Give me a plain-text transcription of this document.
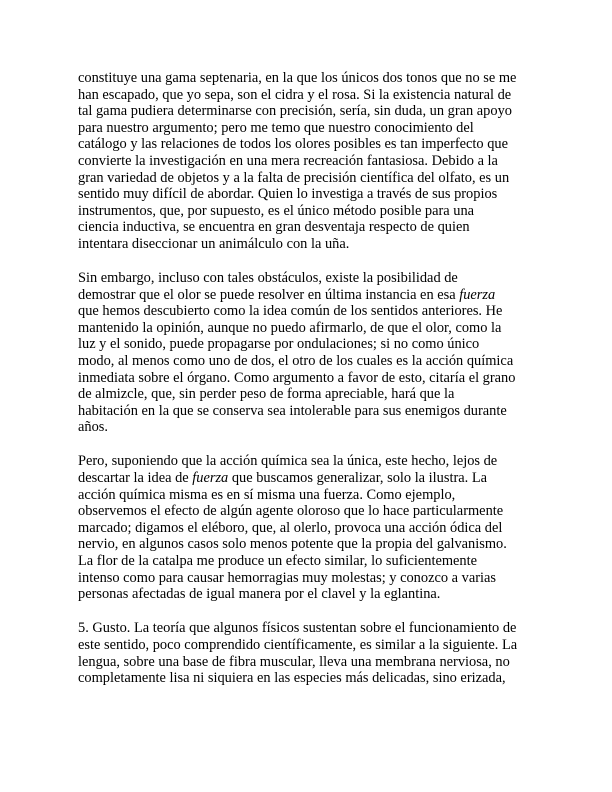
constituye una gama septenaria, en la que los únicos dos tonos que no se me
han escapado, que yo sepa, son el cidra y el rosa. Si la existencia natural de
tal gama pudiera determinarse con precisión, sería, sin duda, un gran apoyo
para nuestro argumento; pero me temo que nuestro conocimiento del
catálogo y las relaciones de todos los olores posibles es tan imperfecto que
convierte la investigación en una mera recreación fantasiosa. Debido a la
gran variedad de objetos y a la falta de precisión científica del olfato, es un
sentido muy difícil de abordar. Quien lo investiga a través de sus propios
instrumentos, que, por supuesto, es el único método posible para una
ciencia inductiva, se encuentra en gran desventaja respecto de quien
intentara diseccionar un animálculo con la uña.

Sin embargo, incluso con tales obstáculos, existe la posibilidad de
demostrar que el olor se puede resolver en última instancia en esa fuerza
que hemos descubierto como la idea común de los sentidos anteriores. He
mantenido la opinión, aunque no puedo afirmarlo, de que el olor, como la
luz y el sonido, puede propagarse por ondulaciones; si no como único
modo, al menos como uno de dos, el otro de los cuales es la acción química
inmediata sobre el órgano. Como argumento a favor de esto, citaría el grano
de almizcle, que, sin perder peso de forma apreciable, hará que la
habitación en la que se conserva sea intolerable para sus enemigos durante
años.

Pero, suponiendo que la acción química sea la única, este hecho, lejos de
descartar la idea de fuerza que buscamos generalizar, solo la ilustra. La
acción química misma es en sí misma una fuerza. Como ejemplo,
observemos el efecto de algún agente oloroso que lo hace particularmente
marcado; digamos el eléboro, que, al olerlo, provoca una acción ódica del
nervio, en algunos casos solo menos potente que la propia del galvanismo.
La flor de la catalpa me produce un efecto similar, lo suficientemente
intenso como para causar hemorragias muy molestas; y conozco a varias
personas afectadas de igual manera por el clavel y la eglantina.

5. Gusto. La teoría que algunos físicos sustentan sobre el funcionamiento de
este sentido, poco comprendido científicamente, es similar a la siguiente. La
lengua, sobre una base de fibra muscular, lleva una membrana nerviosa, no
completamente lisa ni siquiera en las especies más delicadas, sino erizada,
